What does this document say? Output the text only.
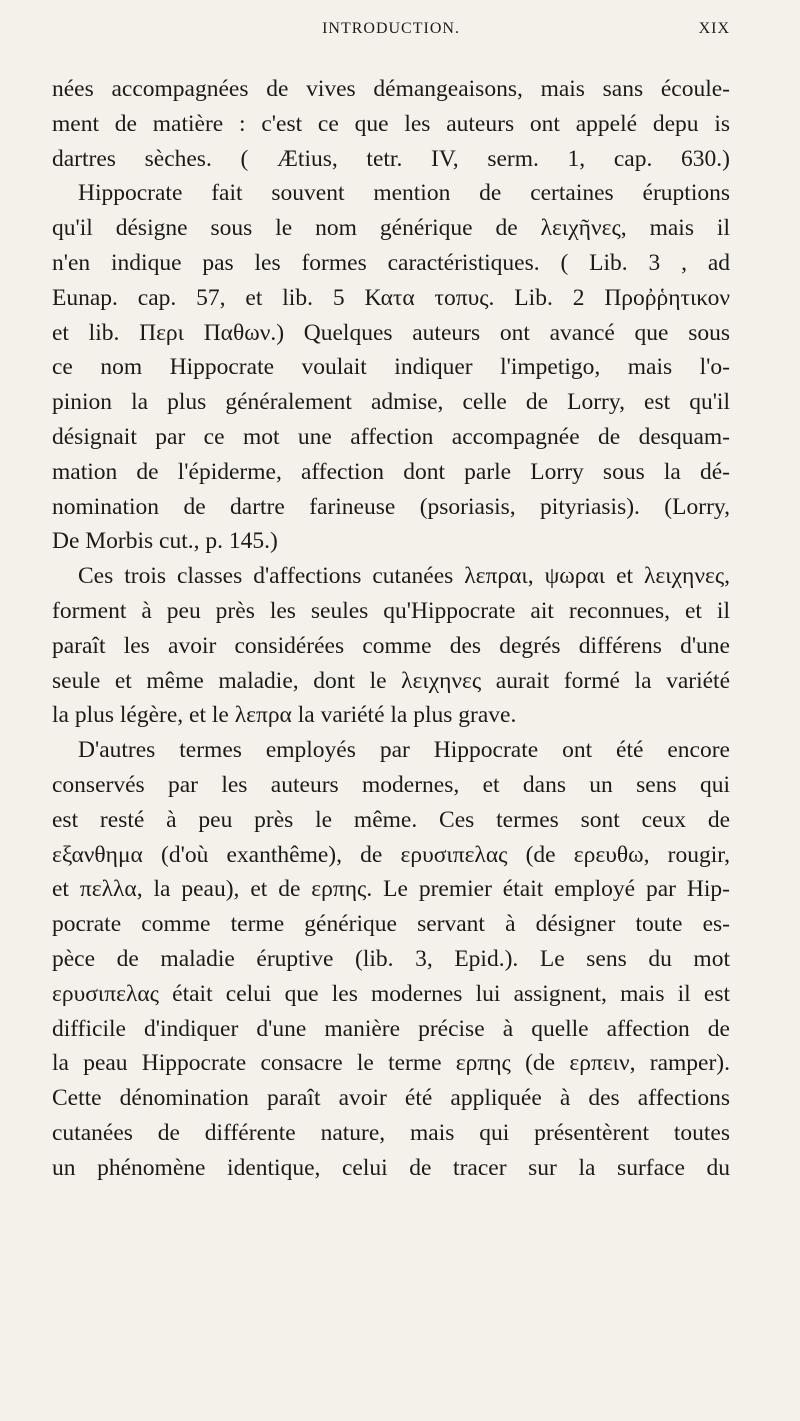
INTRODUCTION.	XIX
nées accompagnées de vives démangeaisons, mais sans écoule-
ment de matière : c'est ce que les auteurs ont appelé depu is
dartres sèches. ( Ætius, tetr. IV, serm. 1, cap. 630.)
Hippocrate fait souvent mention de certaines éruptions
qu'il désigne sous le nom générique de λειχῆνες, mais il
n'en indique pas les formes caractéristiques. ( Lib. 3 , ad
Eunap. cap. 57, et lib. 5 Κατα τοπυς. Lib. 2 Προῤῥητικον
et lib. Περι Παθων.) Quelques auteurs ont avancé que sous
ce nom Hippocrate voulait indiquer l'impetigo, mais l'o-
pinion la plus généralement admise, celle de Lorry, est qu'il
désignait par ce mot une affection accompagnée de desquam-
mation de l'épiderme, affection dont parle Lorry sous la dé-
nomination de dartre farineuse (psoriasis, pityriasis). (Lorry,
De Morbis cut., p. 145.)
Ces trois classes d'affections cutanées λεπραι, ψωραι et λειχηνες,
forment à peu près les seules qu'Hippocrate ait reconnues, et il
paraît les avoir considérées comme des degrés différens d'une
seule et même maladie, dont le λειχηνες aurait formé la variété
la plus légère, et le λεπρα la variété la plus grave.
D'autres termes employés par Hippocrate ont été encore
conservés par les auteurs modernes, et dans un sens qui
est resté à peu près le même. Ces termes sont ceux de
εξανθημα (d'où exanthême), de ερυσιπελας (de ερευθω, rougir,
et πελλα, la peau), et de ερπης. Le premier était employé par Hip-
pocrate comme terme générique servant à désigner toute es-
pèce de maladie éruptive (lib. 3, Epid.). Le sens du mot
ερυσιπελας était celui que les modernes lui assignent, mais il est
difficile d'indiquer d'une manière précise à quelle affection de
la peau Hippocrate consacre le terme ερπης (de ερπειν, ramper).
Cette dénomination paraît avoir été appliquée à des affections
cutanées de différente nature, mais qui présentèrent toutes
un phénomène identique, celui de tracer sur la surface du
